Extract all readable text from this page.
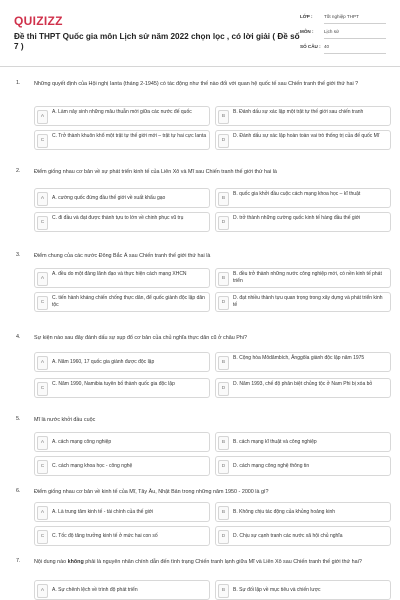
QUIZIZZ
Đề thi THPT Quốc gia môn Lịch sử năm 2022 chọn lọc , có lời giải ( Đề số 7 )
LỚP :	Tốt nghiệp THPT
MÔN :	Lịch sử
SỐ CÂU : 40
1.	Những quyết định của Hội nghị Ianta (tháng 2-1945) có tác động như thế nào đối với quan hệ quốc tế sau Chiến tranh thế giới thứ hai ?
A
A. Làm nảy sinh những mâu thuẫn mới giữa các nước đế quốc
B
B. Đánh dấu sự xác lập một trật tự thế giới sau chiến tranh
C
C. Trở thành khuôn khổ một trật tự thế giới mới – trật tự hai cực Ianta
D
D. Đánh dấu sự xác lập hoàn toàn vai trò thống trị của đế quốc Mĩ
2.	Điểm giống nhau cơ bản về sự phát triển kinh tế của Liên Xô và Mĩ sau Chiến tranh thế giới thứ hai là
A	A. cường quốc đứng đầu thế giới về xuất khẩu gạo	B
B. quốc gia khởi đầu cuộc cách mạng khoa học – kĩ thuật
C
C. đi đầu và đạt được thành tựu to lớn về chinh phục vũ trụ
D
D. trở thành những cường quốc kinh tế hàng đầu thế giới
3.	Điểm chung của các nước Đông Bắc Á sau Chiến tranh thế giới thứ hai là
A
A. đều do một đảng lãnh đạo và thực hiện cách mạng XHCN
B
B. đều trở thành những nước công nghiệp mới, có nền kinh tế phát triển
C
C. tiến hành kháng chiến chống thực dân, để quốc giành độc lập dân tộc	D
D. đạt nhiều thành tựu quan trọng trong xây dựng và phát triển kinh tế
4.	Sự kiện nào sau đây đánh dấu sự sụp đổ cơ bản của chủ nghĩa thực dân cũ ở châu Phi?
A	A. Năm 1960, 17 quốc gia giành được độc lập	B
B. Cộng hòa Môdămbích, Ănggôla giành độc lập năm 1975
C
C. Năm 1990, Namibia tuyên bố thành quốc gia độc lập
D
D. Năm 1993, chế độ phân biệt chủng tộc ở Nam Phi bị xóa bỏ
5.	Mĩ là nước khởi đầu cuộc
A	A. cách mạng công nghiệp	B	B. cách mạng kĩ thuật và công nghiệp
C	C. cách mạng khoa học - công nghệ	D	D. cách mạng công nghệ thông tin
6.	Điểm giống nhau cơ bản về kinh tế của Mĩ, Tây Âu, Nhật Bản trong những năm 1950 - 2000 là gì?
A	A. Là trung tâm kinh tế - tài chính của thế giới	B	B. Không chịu tác động của khủng hoảng kinh
C	C. Tốc độ tăng trưởng kinh tế ở mức hai con số	D	D. Chịu sự cạnh tranh các nước xã hội chủ nghĩa
7.	Nội dung nào không phải là nguyên nhân chính dẫn đến tình trạng Chiến tranh lạnh giữa Mĩ và Liên Xô sau Chiến tranh thế giới thứ hai?
A	A. Sự chênh lệch về trình độ phát triển	B	B. Sự đối lập về mục tiêu và chiến lược
